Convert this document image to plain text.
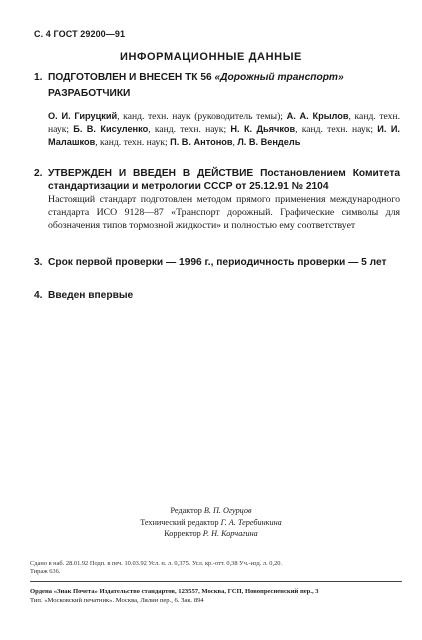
С. 4 ГОСТ 29200—91
ИНФОРМАЦИОННЫЕ ДАННЫЕ
1. ПОДГОТОВЛЕН И ВНЕСЕН ТК 56 «Дорожный транспорт»
РАЗРАБОТЧИКИ
О. И. Гируцкий, канд. техн. наук (руководитель темы); А. А. Крылов, канд. техн. наук; Б. В. Кисуленко, канд. техн. наук; Н. К. Дьячков, канд. техн. наук; И. И. Малашков, канд. техн. наук; П. В. Антонов, Л. В. Вендель
2. УТВЕРЖДЕН И ВВЕДЕН В ДЕЙСТВИЕ Постановлением Комитета стандартизации и метрологии СССР от 25.12.91 № 2104
Настоящий стандарт подготовлен методом прямого применения международного стандарта ИСО 9128—87 «Транспорт дорожный. Графические символы для обозначения типов тормозной жидкости» и полностью ему соответствует
3. Срок первой проверки — 1996 г., периодичность проверки — 5 лет
4. Введен впервые
Редактор В. П. Огурцов
Технический редактор Г. А. Теребинкина
Корректор Р. Н. Корчагина
Сдано в наб. 28.01.92 Подп. в печ. 10.03.92 Усл. п. л. 0,375. Усл. кр.-отт. 0,38 Уч.-изд. л. 0,20.
Тираж 636.
Ордена «Знак Почета» Издательство стандартов, 123557, Москва, ГСП, Новопресненский пер., 3
Тип. «Московский печатник». Москва, Лялин пер., 6. Зак. 894
